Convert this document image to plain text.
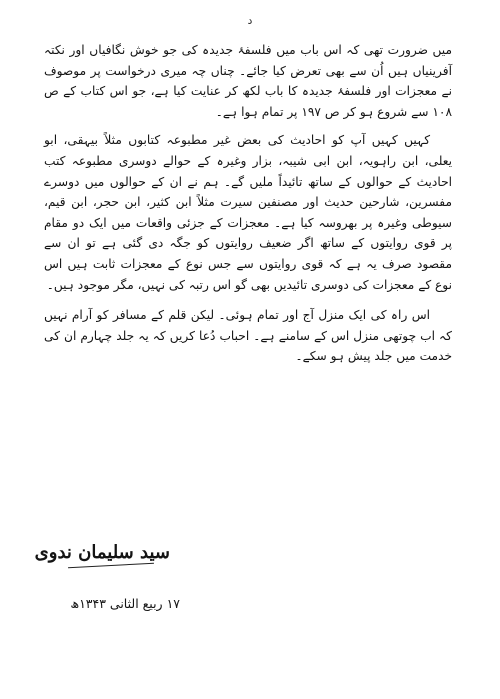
د

میں ضرورت تھی کہ اس باب میں فلسفۂ جدیدہ کی جو خوش نگافیاں اور نکتہ آفرینیاں ہیں اُن سے بھی تعرض کیا جائے۔ چناں چہ میری درخواست پر موصوف نے معجزات اور فلسفۂ جدیدہ کا باب لکھ کر عنایت کیا ہے، جو اس کتاب کے ص ۱۰۸ سے شروع ہو کر ص ۱۹۷ پر تمام ہوا ہے۔

کہیں کہیں آپ کو احادیث کی بعض غیر مطبوعہ کتابوں مثلاً بیہقی، ابو یعلی، ابن راہویہ، ابن ابی شیبہ، بزار وغیرہ کے حوالے دوسری مطبوعہ کتب احادیث کے حوالوں کے ساتھ تائیداً ملیں گے۔ ہم نے ان کے حوالوں میں دوسرے مفسرین، شارحین حدیث اور مصنفین سیرت مثلاً ابن کثیر، ابن حجر، ابن قیم، سیوطی وغیرہ پر بھروسہ کیا ہے۔ معجزات کے جزئی واقعات میں ایک دو مقام پر قوی روایتوں کے ساتھ اگر ضعیف روایتوں کو جگہ دی گئی ہے تو ان سے مقصود صرف یہ ہے کہ قوی روایتوں سے جس نوع کے معجزات ثابت ہیں اس نوع کے معجزات کی دوسری تائیدیں بھی گو اس رتبہ کی نہیں، مگر موجود ہیں۔

اس راہ کی ایک منزل آج اور تمام ہوئی۔ لیکن قلم کے مسافر کو آرام نہیں کہ اب چوتھی منزل اس کے سامنے ہے۔ احباب دُعا کریں کہ یہ جلد چہارم ان کی خدمت میں جلد پیش ہو سکے۔

سید سلیمان ندوی
۱۷ ربیع الثانی ۱۳۴۳ھ
